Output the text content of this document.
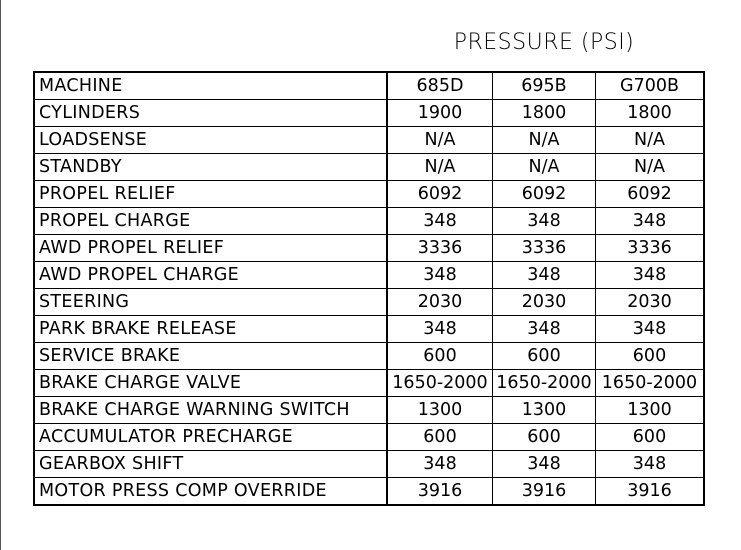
PRESSURE (PSI)
MACHINE	685D	695B	G700B
CYLINDERS	1900	1800	1800
LOADSENSE	N/A	N/A	N/A
STANDBY	N/A	N/A	N/A
PROPEL RELIEF	6092	6092	6092
PROPEL CHARGE	348	348	348
AWD PROPEL RELIEF	3336	3336	3336
AWD PROPEL CHARGE	348	348	348
STEERING	2030	2030	2030
PARK BRAKE RELEASE	348	348	348
SERVICE BRAKE	600	600	600
BRAKE CHARGE VALVE	1650-2000	1650-2000	1650-2000
BRAKE CHARGE WARNING SWITCH	1300	1300	1300
ACCUMULATOR PRECHARGE	600	600	600
GEARBOX SHIFT	348	348	348
MOTOR PRESS COMP OVERRIDE	3916	3916	3916
